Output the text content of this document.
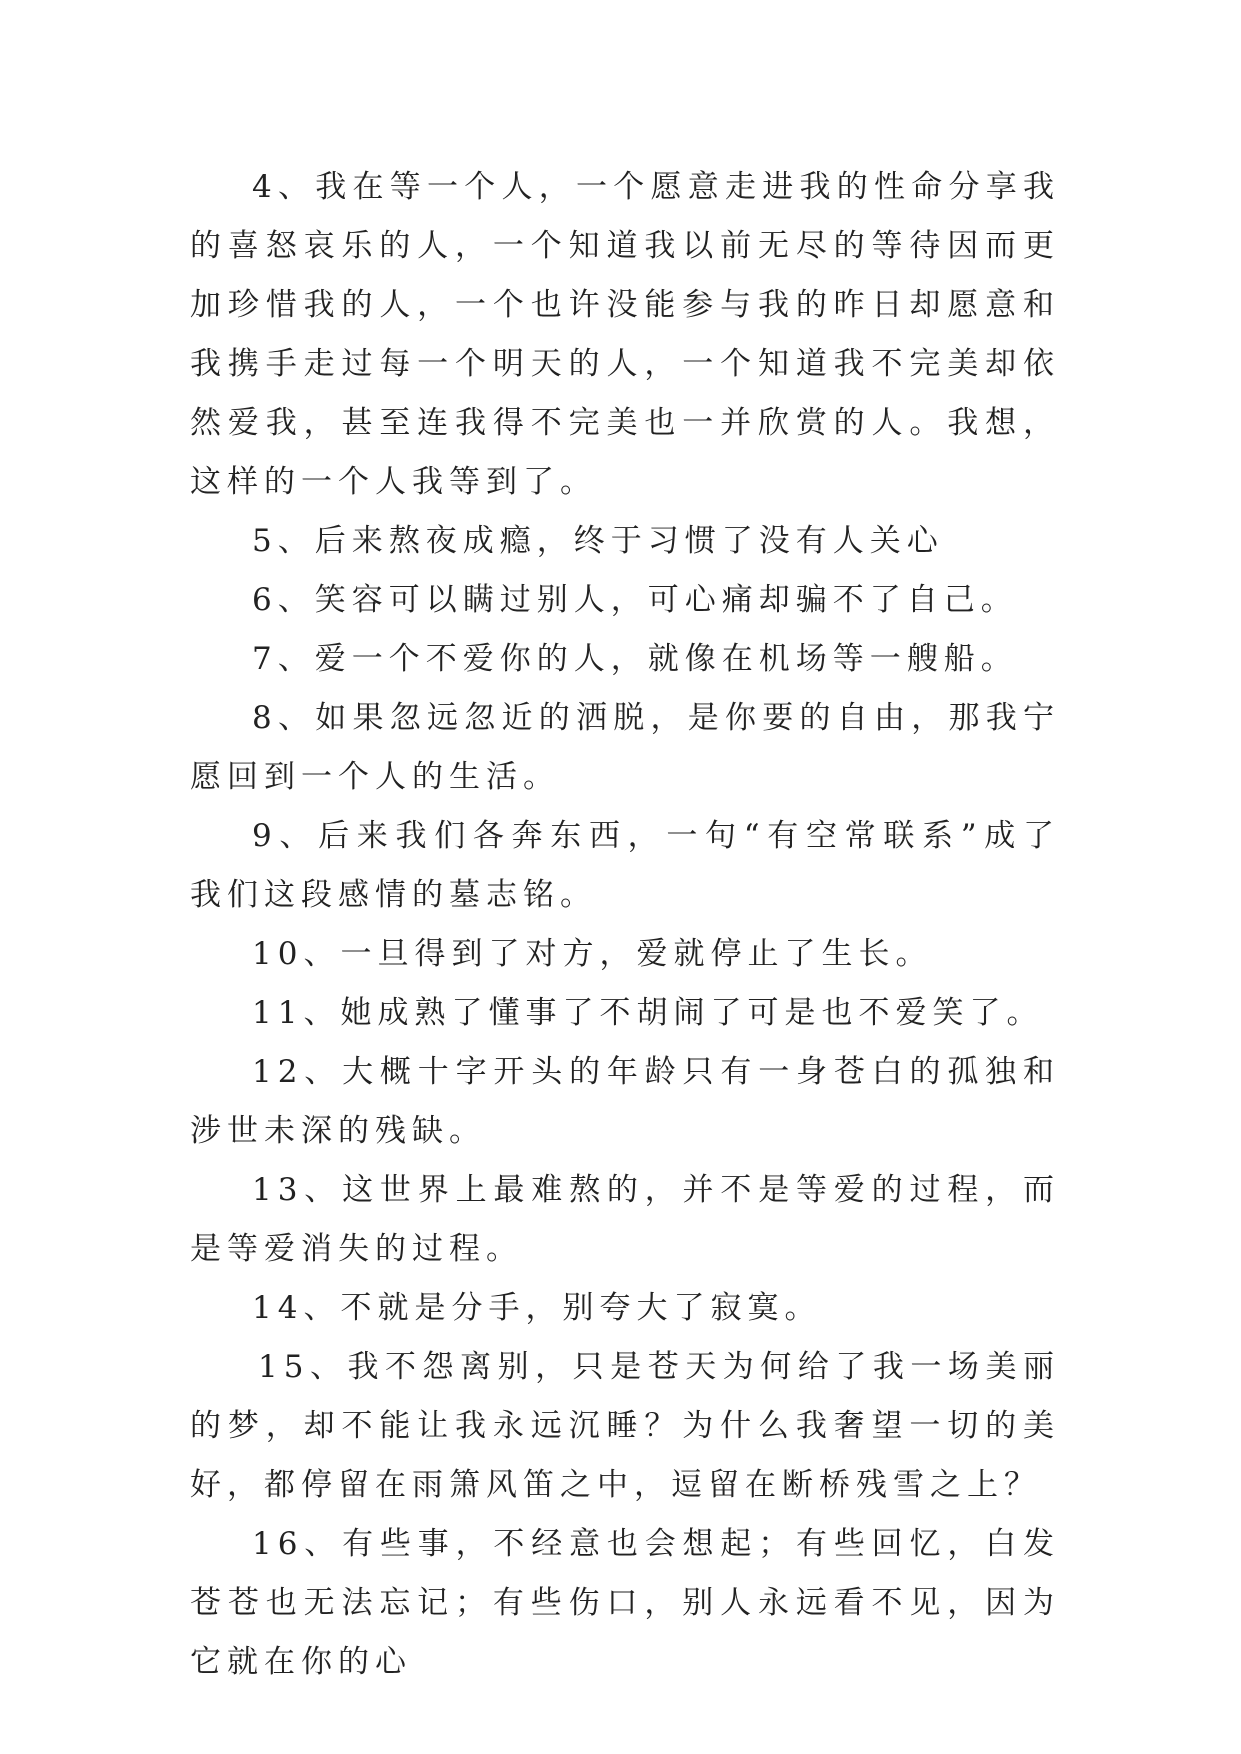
4、我在等一个人，一个愿意走进我的性命分享我的喜怒哀乐的人，一个知道我以前无尽的等待因而更加珍惜我的人，一个也许没能参与我的昨日却愿意和我携手走过每一个明天的人，一个知道我不完美却依然爱我，甚至连我得不完美也一并欣赏的人。我想，这样的一个人我等到了。

5、后来熬夜成瘾，终于习惯了没有人关心

6、笑容可以瞒过别人，可心痛却骗不了自己。

7、爱一个不爱你的人，就像在机场等一艘船。

8、如果忽远忽近的洒脱，是你要的自由，那我宁愿回到一个人的生活。

9、后来我们各奔东西，一句“有空常联系”成了我们这段感情的墓志铭。

10、一旦得到了对方，爱就停止了生长。

11、她成熟了懂事了不胡闹了可是也不爱笑了。

12、大概十字开头的年龄只有一身苍白的孤独和涉世未深的残缺。

13、这世界上最难熬的，并不是等爱的过程，而是等爱消失的过程。

14、不就是分手，别夸大了寂寞。

15、我不怨离别，只是苍天为何给了我一场美丽的梦，却不能让我永远沉睡？为什么我奢望一切的美好，都停留在雨箫风笛之中，逗留在断桥残雪之上？

16、有些事，不经意也会想起；有些回忆，白发苍苍也无法忘记；有些伤口，别人永远看不见，因为它就在你的心
